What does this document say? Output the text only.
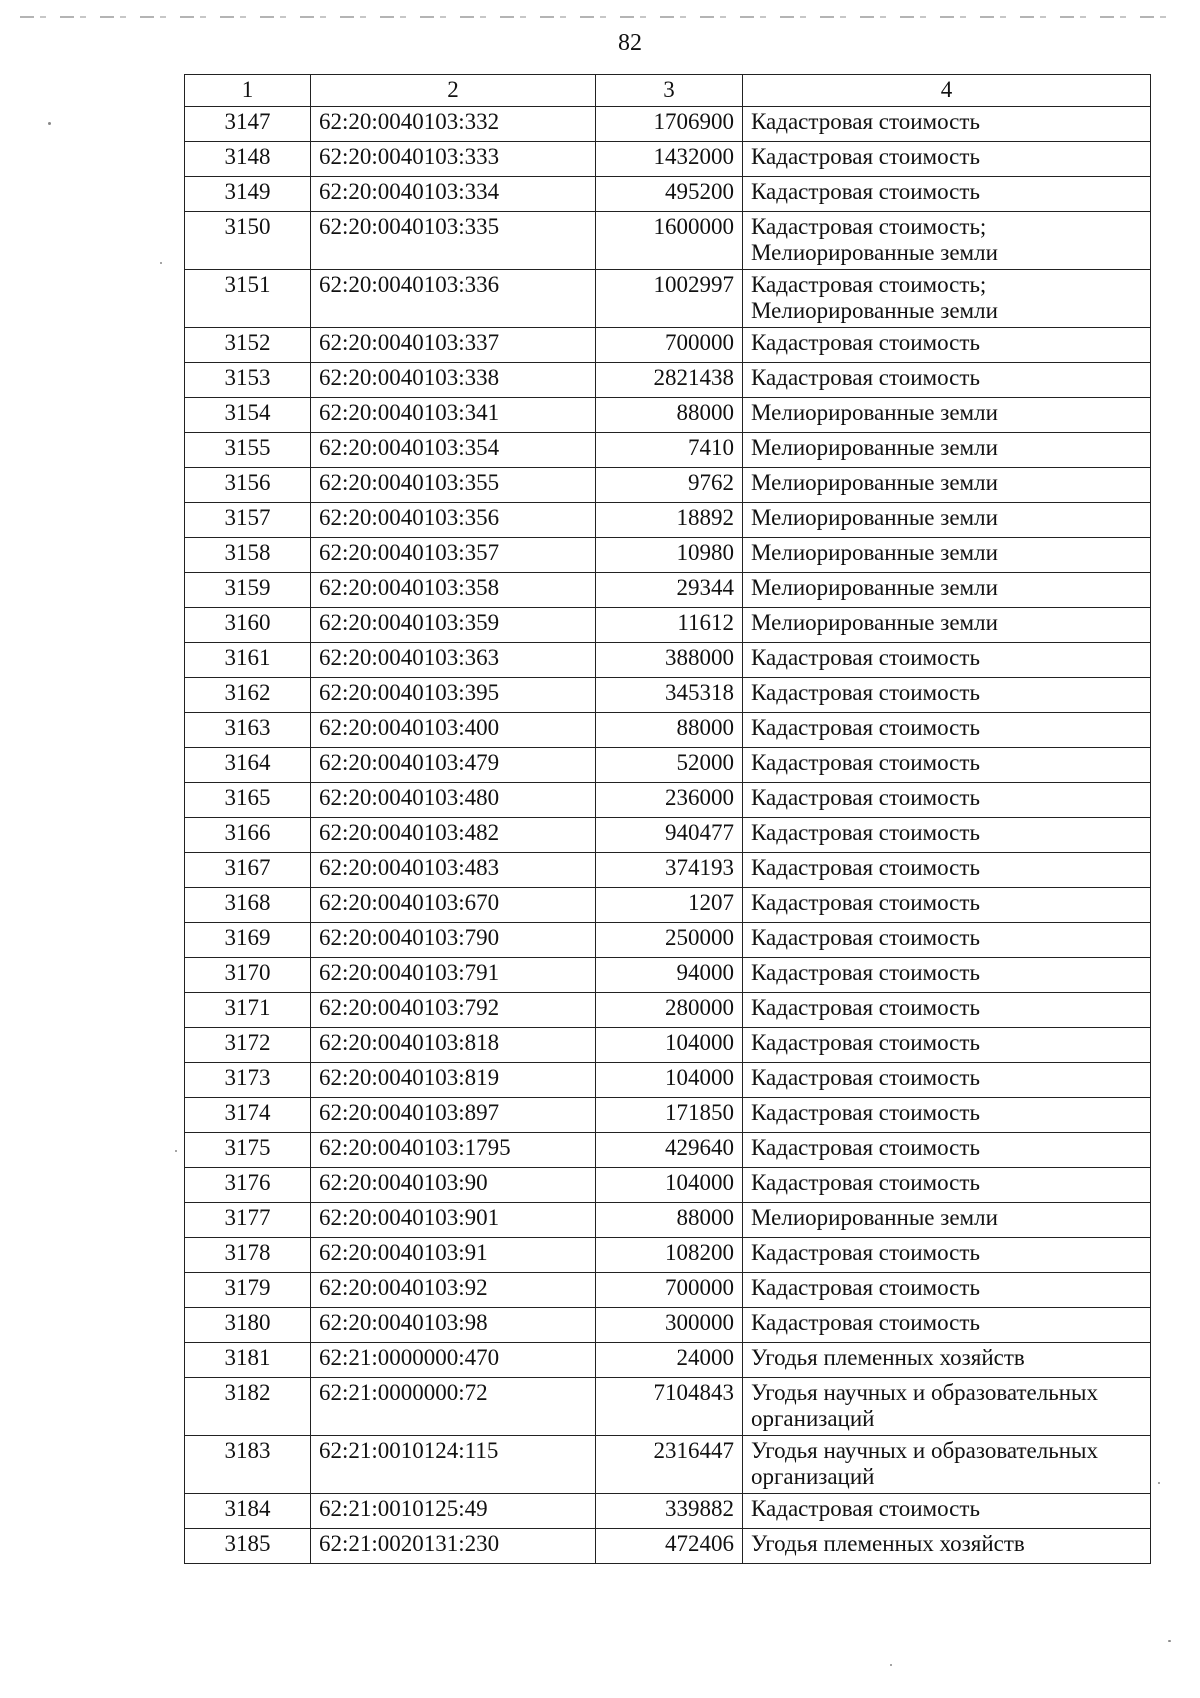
82
1	2	3	4
3147	62:20:0040103:332	1706900	Кадастровая стоимость
3148	62:20:0040103:333	1432000	Кадастровая стоимость
3149	62:20:0040103:334	495200	Кадастровая стоимость
3150	62:20:0040103:335	1600000	Кадастровая стоимость; Мелиорированные земли
3151	62:20:0040103:336	1002997	Кадастровая стоимость; Мелиорированные земли
3152	62:20:0040103:337	700000	Кадастровая стоимость
3153	62:20:0040103:338	2821438	Кадастровая стоимость
3154	62:20:0040103:341	88000	Мелиорированные земли
3155	62:20:0040103:354	7410	Мелиорированные земли
3156	62:20:0040103:355	9762	Мелиорированные земли
3157	62:20:0040103:356	18892	Мелиорированные земли
3158	62:20:0040103:357	10980	Мелиорированные земли
3159	62:20:0040103:358	29344	Мелиорированные земли
3160	62:20:0040103:359	11612	Мелиорированные земли
3161	62:20:0040103:363	388000	Кадастровая стоимость
3162	62:20:0040103:395	345318	Кадастровая стоимость
3163	62:20:0040103:400	88000	Кадастровая стоимость
3164	62:20:0040103:479	52000	Кадастровая стоимость
3165	62:20:0040103:480	236000	Кадастровая стоимость
3166	62:20:0040103:482	940477	Кадастровая стоимость
3167	62:20:0040103:483	374193	Кадастровая стоимость
3168	62:20:0040103:670	1207	Кадастровая стоимость
3169	62:20:0040103:790	250000	Кадастровая стоимость
3170	62:20:0040103:791	94000	Кадастровая стоимость
3171	62:20:0040103:792	280000	Кадастровая стоимость
3172	62:20:0040103:818	104000	Кадастровая стоимость
3173	62:20:0040103:819	104000	Кадастровая стоимость
3174	62:20:0040103:897	171850	Кадастровая стоимость
3175	62:20:0040103:1795	429640	Кадастровая стоимость
3176	62:20:0040103:90	104000	Кадастровая стоимость
3177	62:20:0040103:901	88000	Мелиорированные земли
3178	62:20:0040103:91	108200	Кадастровая стоимость
3179	62:20:0040103:92	700000	Кадастровая стоимость
3180	62:20:0040103:98	300000	Кадастровая стоимость
3181	62:21:0000000:470	24000	Угодья племенных хозяйств
3182	62:21:0000000:72	7104843	Угодья научных и образовательных организаций
3183	62:21:0010124:115	2316447	Угодья научных и образовательных организаций
3184	62:21:0010125:49	339882	Кадастровая стоимость
3185	62:21:0020131:230	472406	Угодья племенных хозяйств
